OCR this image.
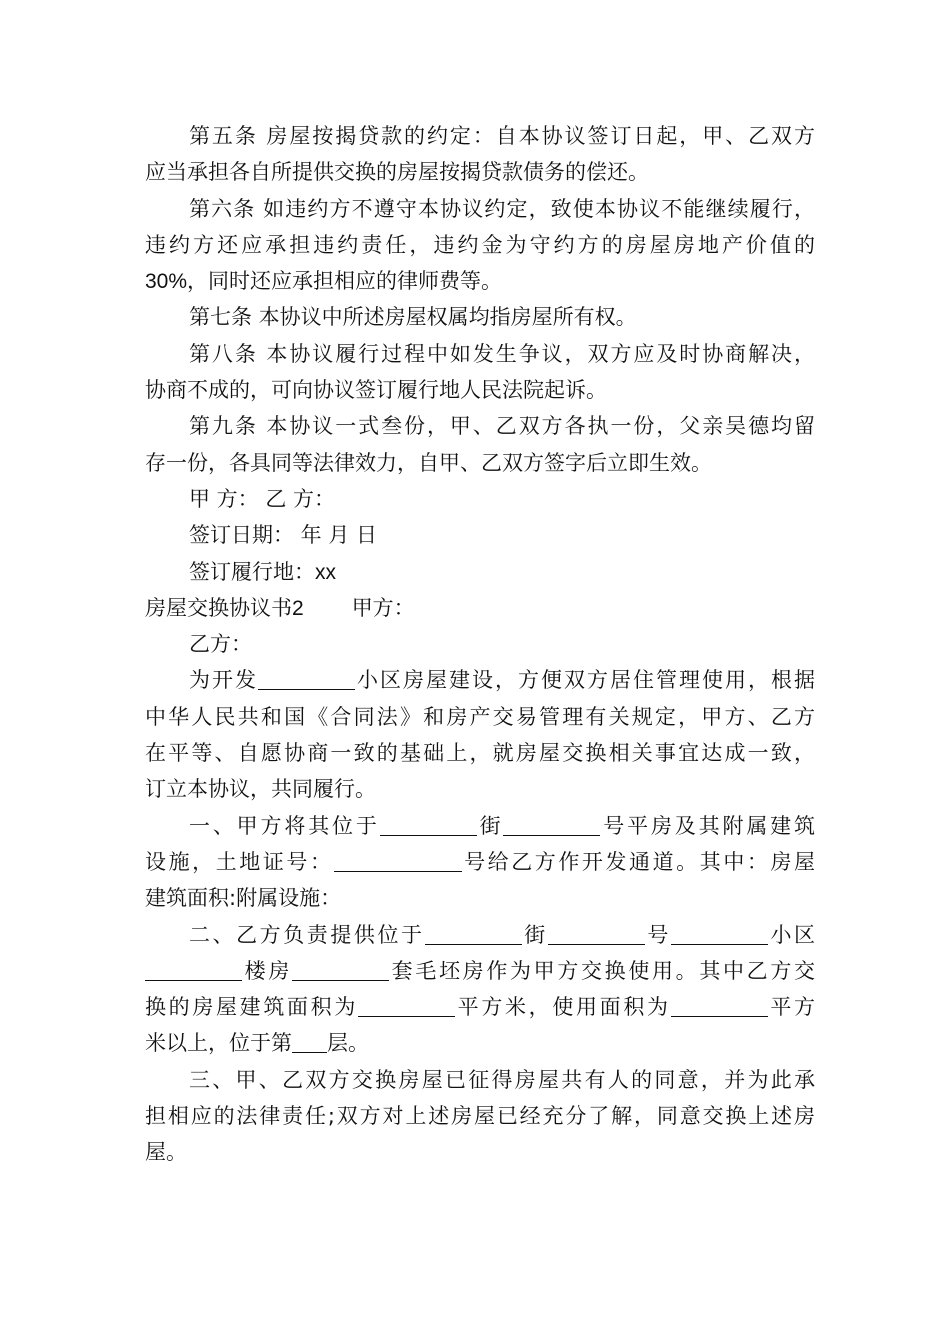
第五条 房屋按揭贷款的约定：自本协议签订日起，甲、乙双方
应当承担各自所提供交换的房屋按揭贷款债务的偿还。
第六条 如违约方不遵守本协议约定，致使本协议不能继续履行，
违约方还应承担违约责任，违约金为守约方的房屋房地产价值的
30%，同时还应承担相应的律师费等。
第七条 本协议中所述房屋权属均指房屋所有权。
第八条 本协议履行过程中如发生争议，双方应及时协商解决，
协商不成的，可向协议签订履行地人民法院起诉。
第九条 本协议一式叁份，甲、乙双方各执一份，父亲吴德均留
存一份，各具同等法律效力，自甲、乙双方签字后立即生效。
甲 方： 乙 方：
签订日期： 年 月 日
签订履行地：xx
房屋交换协议书2 甲方：
乙方：
为开发	小区房屋建设，方便双方居住管理使用，根据
中华人民共和国《合同法》和房产交易管理有关规定，甲方、乙方
在平等、自愿协商一致的基础上，就房屋交换相关事宜达成一致，
订立本协议，共同履行。
一、甲方将其位于	街	号平房及其附属建筑
设施，土地证号：	号给乙方作开发通道。其中：房屋
建筑面积:附属设施：
二、乙方负责提供位于	街	号	小区
楼房	套毛坯房作为甲方交换使用。其中乙方交
换的房屋建筑面积为	平方米，使用面积为	平方
米以上，位于第 层。
三、甲、乙双方交换房屋已征得房屋共有人的同意，并为此承
担相应的法律责任;双方对上述房屋已经充分了解，同意交换上述房
屋。
